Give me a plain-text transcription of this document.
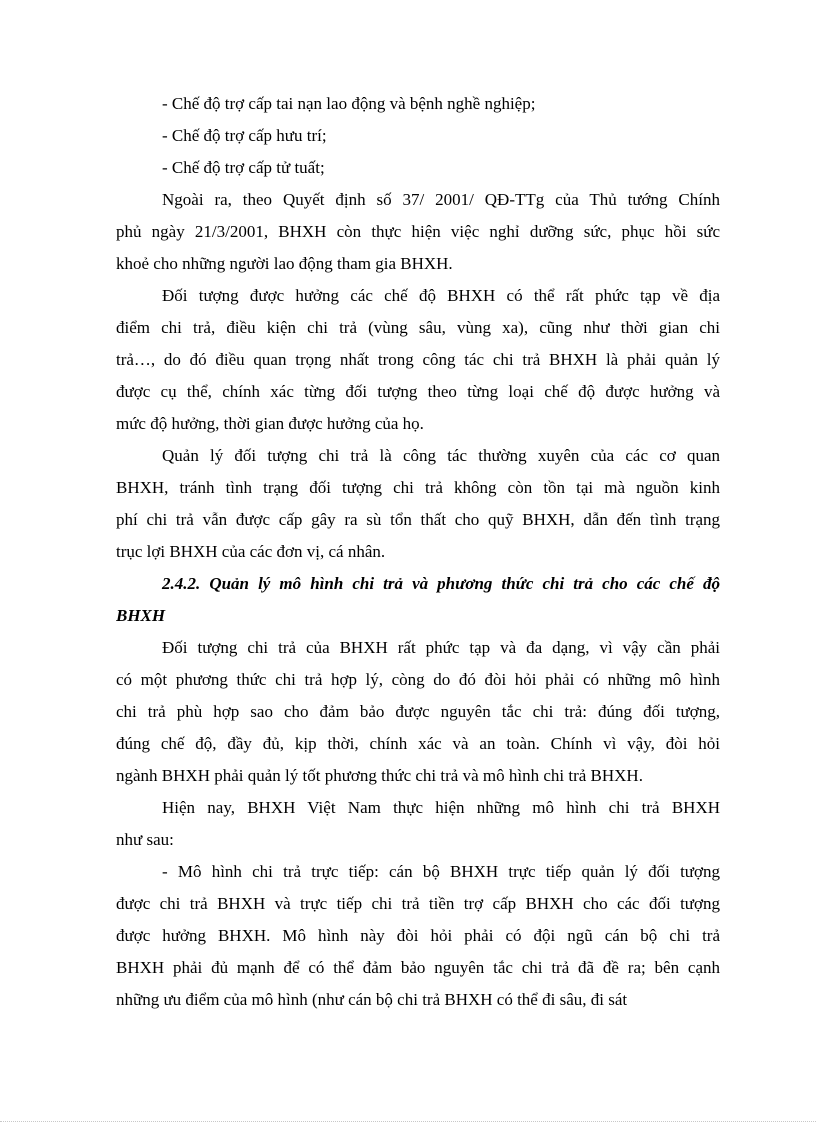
- Chế độ trợ cấp tai nạn lao động và bệnh nghề nghiệp;
- Chế độ trợ cấp hưu trí;
- Chế độ trợ cấp tử tuất;
Ngoài ra, theo Quyết định số 37/ 2001/ QĐ-TTg của Thủ tướng Chính
phủ ngày 21/3/2001, BHXH còn thực hiện việc nghỉ dưỡng sức, phục hồi sức
khoẻ cho những người lao động tham gia BHXH.
Đối tượng được hưởng các chế độ BHXH có thể rất phức tạp về địa
điểm chi trả, điều kiện chi trả (vùng sâu, vùng xa), cũng như thời gian chi
trả…, do đó điều quan trọng nhất trong công tác chi trả BHXH là phải quản lý
được cụ thể, chính xác từng đối tượng theo từng loại chế độ được hưởng và
mức độ hưởng, thời gian được hưởng của họ.
Quản lý đối tượng chi trả là công tác thường xuyên của các cơ quan
BHXH, tránh tình trạng đối tượng chi trả không còn tồn tại mà nguồn kinh
phí chi trả vẫn được cấp gây ra sù tổn thất cho quỹ BHXH, dẫn đến tình trạng
trục lợi BHXH của các đơn vị, cá nhân.
2.4.2. Quản lý mô hình chi trả và phương thức chi trả cho các chế độ
BHXH
Đối tượng chi trả của BHXH rất phức tạp và đa dạng, vì vậy cần phải
có một phương thức chi trả hợp lý, còng do đó đòi hỏi phải có những mô hình
chi trả phù hợp sao cho đảm bảo được nguyên tắc chi trả: đúng đối tượng,
đúng chế độ, đầy đủ, kịp thời, chính xác và an toàn. Chính vì vậy, đòi hỏi
ngành BHXH phải quản lý tốt phương thức chi trả và mô hình chi trả BHXH.
Hiện nay, BHXH Việt Nam thực hiện những mô hình chi trả BHXH
như sau:
- Mô hình chi trả trực tiếp: cán bộ BHXH trực tiếp quản lý đối tượng
được chi trả BHXH và trực tiếp chi trả tiền trợ cấp BHXH cho các đối tượng
được hưởng BHXH. Mô hình này đòi hỏi phải có đội ngũ cán bộ chi trả
BHXH phải đủ mạnh để có thể đảm bảo nguyên tắc chi trả đã đề ra; bên cạnh
những ưu điểm của mô hình (như cán bộ chi trả BHXH có thể đi sâu, đi sát
